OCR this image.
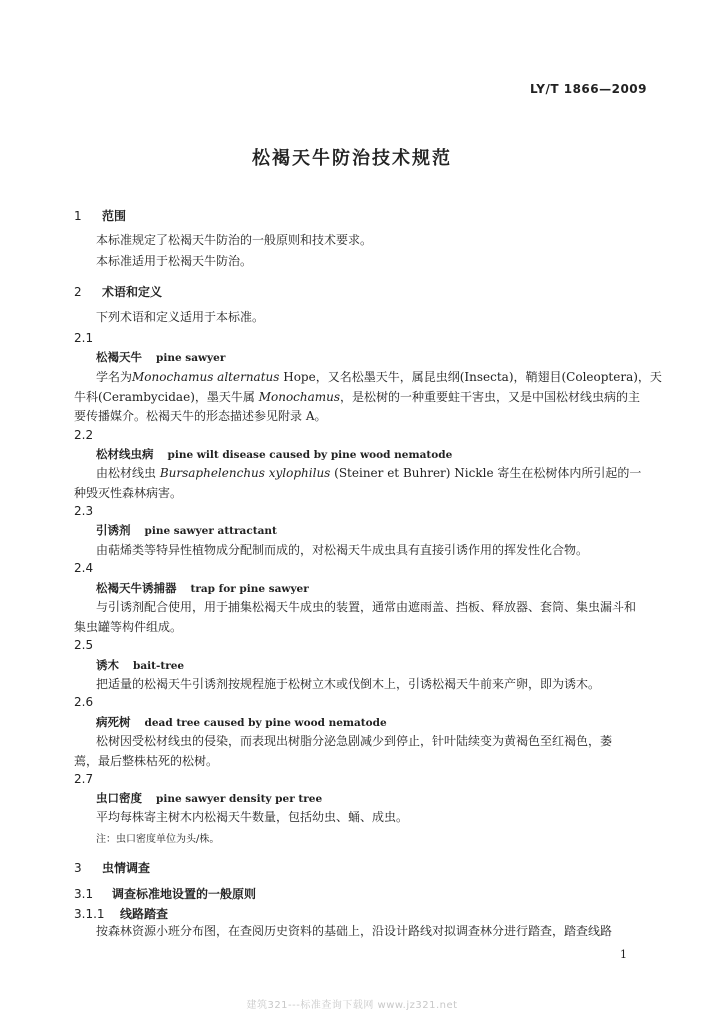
LY/T 1866—2009
松褐天牛防治技术规范
1 范围
本标准规定了松褐天牛防治的一般原则和技术要求。
本标准适用于松褐天牛防治。
2 术语和定义
下列术语和定义适用于本标准。
2.1
松褐天牛 pine sawyer
学名为Monochamus alternatus Hope，又名松墨天牛，属昆虫纲(Insecta)，鞘翅目(Coleoptera)，天
牛科(Cerambycidae)，墨天牛属 Monochamus，是松树的一种重要蛀干害虫，又是中国松材线虫病的主
要传播媒介。松褐天牛的形态描述参见附录 A。
2.2
松材线虫病 pine wilt disease caused by pine wood nematode
由松材线虫 Bursaphelenchus xylophilus (Steiner et Buhrer) Nickle 寄生在松树体内所引起的一
种毁灭性森林病害。
2.3
引诱剂 pine sawyer attractant
由萜烯类等特异性植物成分配制而成的，对松褐天牛成虫具有直接引诱作用的挥发性化合物。
2.4
松褐天牛诱捕器 trap for pine sawyer
与引诱剂配合使用，用于捕集松褐天牛成虫的装置，通常由遮雨盖、挡板、释放器、套筒、集虫漏斗和
集虫罐等构件组成。
2.5
诱木 bait-tree
把适量的松褐天牛引诱剂按规程施于松树立木或伐倒木上，引诱松褐天牛前来产卵，即为诱木。
2.6
病死树 dead tree caused by pine wood nematode
松树因受松材线虫的侵染，而表现出树脂分泌急剧减少到停止，针叶陆续变为黄褐色至红褐色，萎
蔫，最后整株枯死的松树。
2.7
虫口密度 pine sawyer density per tree
平均每株寄主树木内松褐天牛数量，包括幼虫、蛹、成虫。
注：虫口密度单位为头/株。
3 虫情调查
3.1 调查标准地设置的一般原则
3.1.1 线路踏查
按森林资源小班分布图，在查阅历史资料的基础上，沿设计路线对拟调查林分进行踏查，踏查线路
1
建筑321---标准查询下载网 www.jz321.net
